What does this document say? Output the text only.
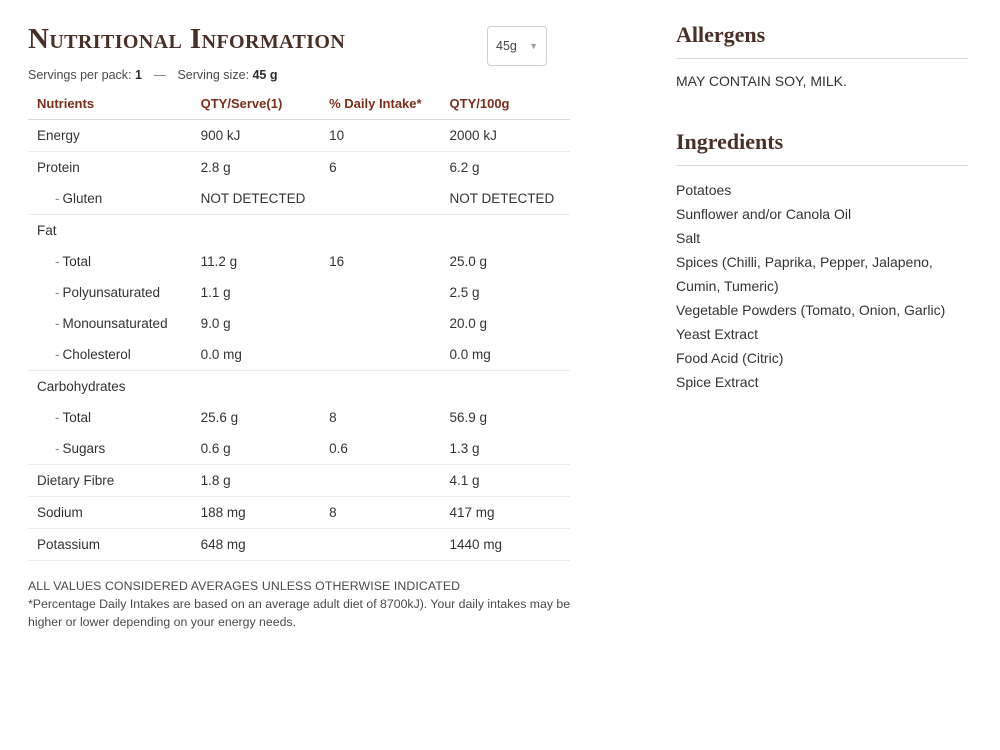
Nutritional Information
Servings per pack: 1 — Serving size: 45 g
Nutrients	QTY/Serve(1)	% Daily Intake*	QTY/100g
Energy	900 kJ	10	2000 kJ
Protein	2.8 g	6	6.2 g
- Gluten	NOT DETECTED		NOT DETECTED
Fat			
- Total	11.2 g	16	25.0 g
- Polyunsaturated	1.1 g		2.5 g
- Monounsaturated	9.0 g		20.0 g
- Cholesterol	0.0 mg		0.0 mg
Carbohydrates			
- Total	25.6 g	8	56.9 g
- Sugars	0.6 g	0.6	1.3 g
Dietary Fibre	1.8 g		4.1 g
Sodium	188 mg	8	417 mg
Potassium	648 mg		1440 mg
ALL VALUES CONSIDERED AVERAGES UNLESS OTHERWISE INDICATED
*Percentage Daily Intakes are based on an average adult diet of 8700kJ). Your daily intakes may be higher or lower depending on your energy needs.
45g ▼	Allergens
MAY CONTAIN SOY, MILK.
Ingredients
Potatoes
Sunflower and/or Canola Oil
Salt
Spices (Chilli, Paprika, Pepper, Jalapeno, Cumin, Tumeric)
Vegetable Powders (Tomato, Onion, Garlic)
Yeast Extract
Food Acid (Citric)
Spice Extract
